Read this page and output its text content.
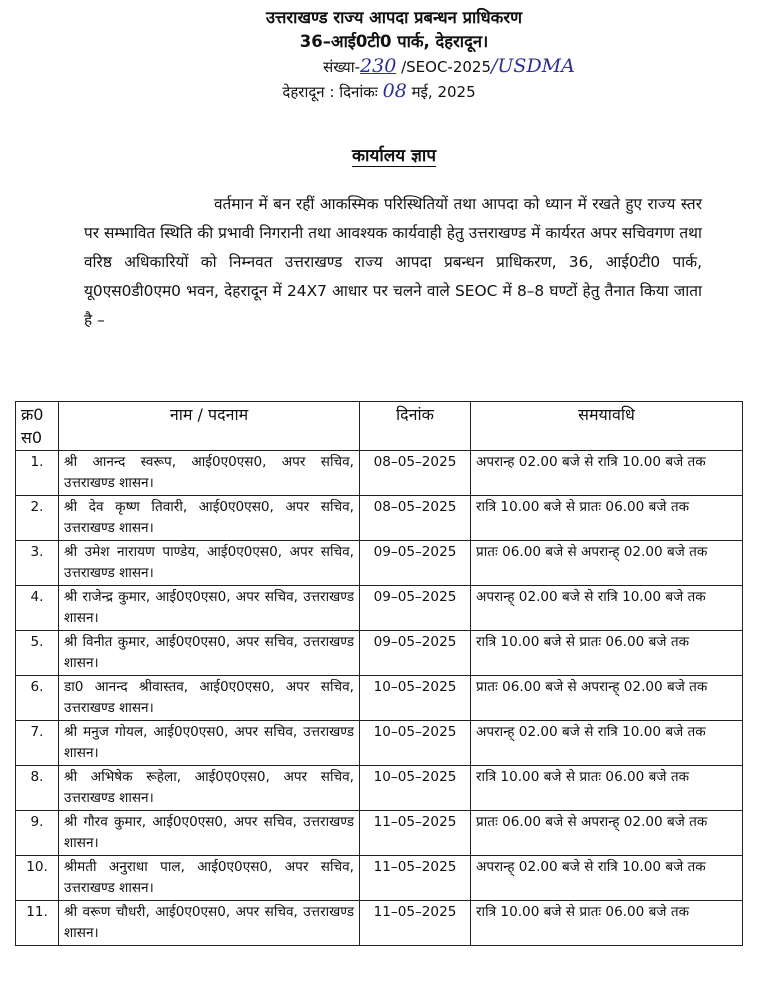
उत्तराखण्ड राज्य आपदा प्रबन्धन प्राधिकरण
36–आई0टी0 पार्क, देहरादून।
संख्या-230 /SEOC-2025/USDMA
देहरादून : दिनांकः 08 मई, 2025
कार्यालय ज्ञाप
वर्तमान में बन रहीं आकस्मिक परिस्थितियों तथा आपदा को ध्यान में रखते हुए राज्य स्तर पर सम्भावित स्थिति की प्रभावी निगरानी तथा आवश्यक कार्यवाही हेतु उत्तराखण्ड में कार्यरत अपर सचिवगण तथा वरिष्ठ अधिकारियों को निम्नवत उत्तराखण्ड राज्य आपदा प्रबन्धन प्राधिकरण, 36, आई0टी0 पार्क, यू0एस0डी0एम0 भवन, देहरादून में 24X7 आधार पर चलने वाले SEOC में 8–8 घण्टों हेतु तैनात किया जाता है –
क्र0 स0	नाम / पदनाम	दिनांक	समयावधि
1.	श्री आनन्द स्वरूप, आई0ए0एस0, अपर सचिव, उत्तराखण्ड शासन।	08–05–2025	अपरान्ह 02.00 बजे से रात्रि 10.00 बजे तक
2.	श्री देव कृष्ण तिवारी, आई0ए0एस0, अपर सचिव, उत्तराखण्ड शासन।	08–05–2025	रात्रि 10.00 बजे से प्रातः 06.00 बजे तक
3.	श्री उमेश नारायण पाण्डेय, आई0ए0एस0, अपर सचिव, उत्तराखण्ड शासन।	09–05–2025	प्रातः 06.00 बजे से अपरान्ह् 02.00 बजे तक
4.	श्री राजेन्द्र कुमार, आई0ए0एस0, अपर सचिव, उत्तराखण्ड शासन।	09–05–2025	अपरान्ह् 02.00 बजे से रात्रि 10.00 बजे तक
5.	श्री विनीत कुमार, आई0ए0एस0, अपर सचिव, उत्तराखण्ड शासन।	09–05–2025	रात्रि 10.00 बजे से प्रातः 06.00 बजे तक
6.	डा0 आनन्द श्रीवास्तव, आई0ए0एस0, अपर सचिव, उत्तराखण्ड शासन।	10–05–2025	प्रातः 06.00 बजे से अपरान्ह् 02.00 बजे तक
7.	श्री मनुज गोयल, आई0ए0एस0, अपर सचिव, उत्तराखण्ड शासन।	10–05–2025	अपरान्ह् 02.00 बजे से रात्रि 10.00 बजे तक
8.	श्री अभिषेक रूहेला, आई0ए0एस0, अपर सचिव, उत्तराखण्ड शासन।	10–05–2025	रात्रि 10.00 बजे से प्रातः 06.00 बजे तक
9.	श्री गौरव कुमार, आई0ए0एस0, अपर सचिव, उत्तराखण्ड शासन।	11–05–2025	प्रातः 06.00 बजे से अपरान्ह् 02.00 बजे तक
10.	श्रीमती अनुराधा पाल, आई0ए0एस0, अपर सचिव, उत्तराखण्ड शासन।	11–05–2025	अपरान्ह् 02.00 बजे से रात्रि 10.00 बजे तक
11.	श्री वरूण चौधरी, आई0ए0एस0, अपर सचिव, उत्तराखण्ड शासन।	11–05–2025	रात्रि 10.00 बजे से प्रातः 06.00 बजे तक
